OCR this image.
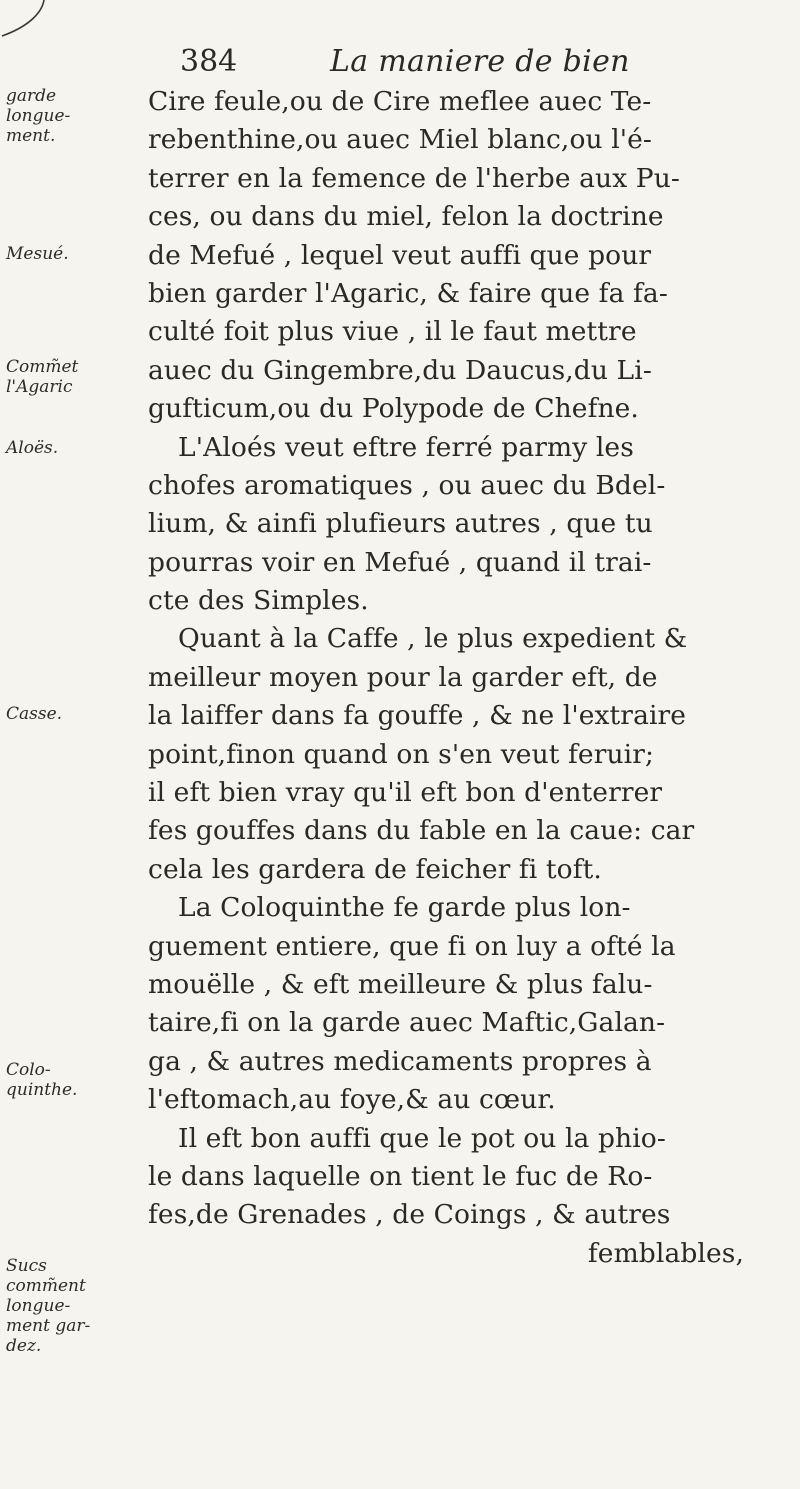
384	La maniere de bien
garde
longue-
ment.
Mesué.
Comm̃et
l'Agaric
Aloës.
Casse.
Colo-
quinthe.
Sucs
comm̃ent
longue-
ment gar-
dez.
Cire feule,ou de Cire meflee auec Te-
rebenthine,ou auec Miel blanc,ou l'é-
terrer en la femence de l'herbe aux Pu-
ces, ou dans du miel, felon la doctrine
de Mefué , lequel veut auffi que pour
bien garder l'Agaric, & faire que fa fa-
culté foit plus viue , il le faut mettre
auec du Gingembre,du Daucus,du Li-
gufticum,ou du Polypode de Chefne.
L'Aloés veut eftre ferré parmy les
chofes aromatiques , ou auec du Bdel-
lium, & ainfi plufieurs autres , que tu
pourras voir en Mefué , quand il trai-
cte des Simples.
Quant à la Caffe , le plus expedient &
meilleur moyen pour la garder eft, de
la laiffer dans fa gouffe , & ne l'extraire
point,finon quand on s'en veut feruir;
il eft bien vray qu'il eft bon d'enterrer
fes gouffes dans du fable en la caue: car
cela les gardera de feicher fi toft.
La Coloquinthe fe garde plus lon-
guement entiere, que fi on luy a ofté la
mouëlle , & eft meilleure & plus falu-
taire,fi on la garde auec Maftic,Galan-
ga , & autres medicaments propres à
l'eftomach,au foye,& au cœur.
Il eft bon auffi que le pot ou la phio-
le dans laquelle on tient le fuc de Ro-
fes,de Grenades , de Coings , & autres
femblables,
